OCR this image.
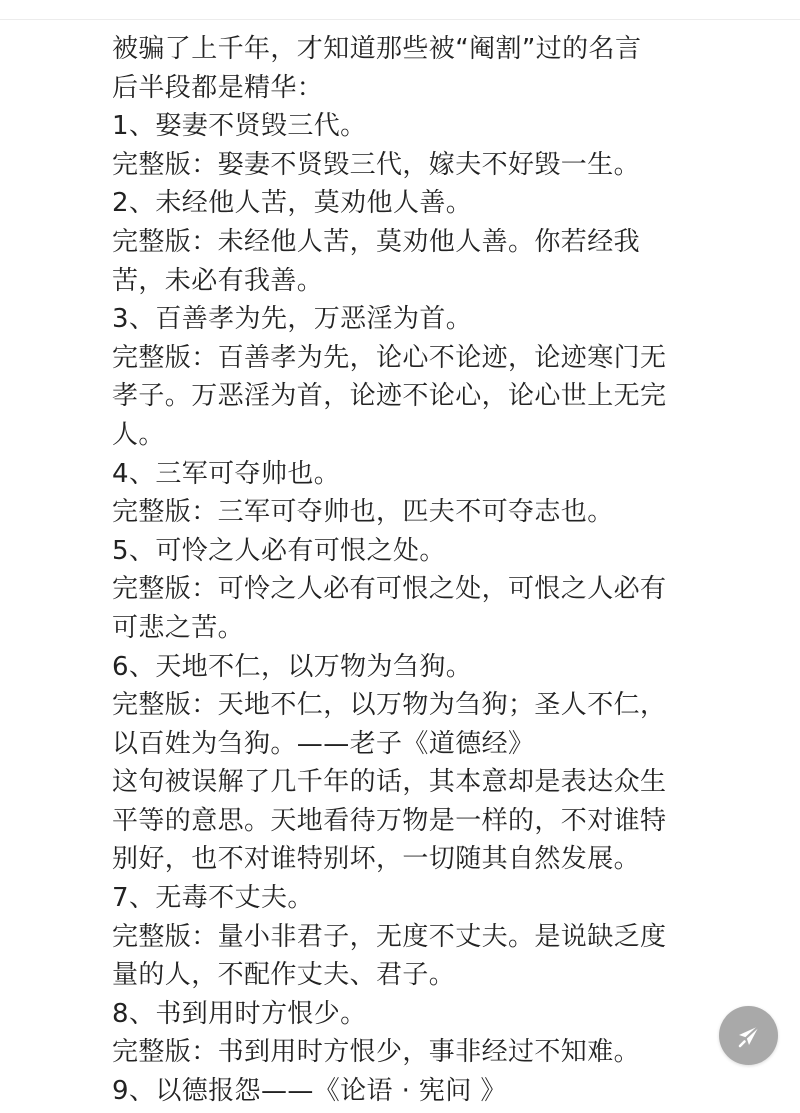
被骗了上千年，才知道那些被“阉割”过的名言
后半段都是精华：
1、娶妻不贤毁三代。
完整版：娶妻不贤毁三代，嫁夫不好毁一生。
2、未经他人苦，莫劝他人善。
完整版：未经他人苦，莫劝他人善。你若经我
苦，未必有我善。
3、百善孝为先，万恶淫为首。
完整版：百善孝为先，论心不论迹，论迹寒门无
孝子。万恶淫为首，论迹不论心，论心世上无完
人。
4、三军可夺帅也。
完整版：三军可夺帅也，匹夫不可夺志也。
5、可怜之人必有可恨之处。
完整版：可怜之人必有可恨之处，可恨之人必有
可悲之苦。
6、天地不仁，以万物为刍狗。
完整版：天地不仁，以万物为刍狗；圣人不仁，
以百姓为刍狗。——老子《道德经》
这句被误解了几千年的话，其本意却是表达众生
平等的意思。天地看待万物是一样的，不对谁特
别好，也不对谁特别坏，一切随其自然发展。
7、无毒不丈夫。
完整版：量小非君子，无度不丈夫。是说缺乏度
量的人，不配作丈夫、君子。
8、书到用时方恨少。
完整版：书到用时方恨少，事非经过不知难。
9、以德报怨——《论语 · 宪问 》
